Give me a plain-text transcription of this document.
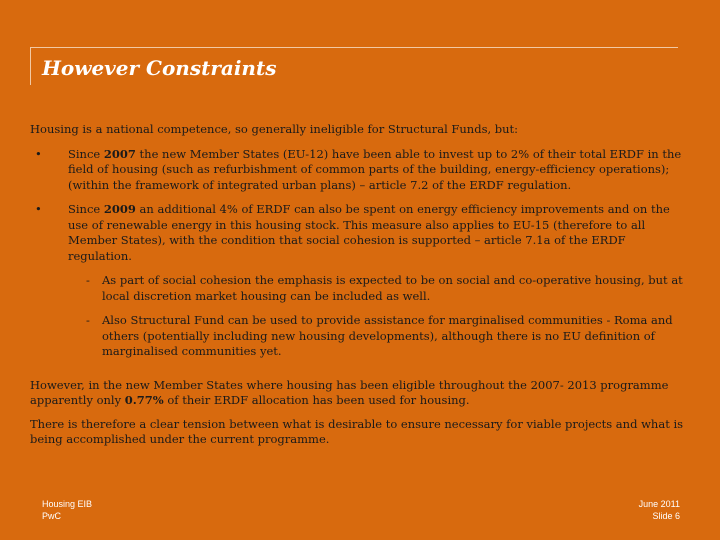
However Constraints

Housing is a national competence, so generally ineligible for Structural Funds, but:

• Since 2007 the new Member States (EU-12) have been able to invest up to 2% of their total ERDF in the field of housing (such as refurbishment of common parts of the building, energy-efficiency operations); (within the framework of integrated urban plans) – article 7.2 of the ERDF regulation.
• Since 2009 an additional 4% of ERDF can also be spent on energy efficiency improvements and on the use of renewable energy in this housing stock. This measure also applies to EU-15 (therefore to all Member States), with the condition that social cohesion is supported – article 7.1a of the ERDF regulation.
- As part of social cohesion the emphasis is expected to be on social and co-operative housing, but at local discretion market housing can be included as well.
- Also Structural Fund can be used to provide assistance for marginalised communities - Roma and others (potentially including new housing developments), although there is no EU definition of marginalised communities yet.

However, in the new Member States where housing has been eligible throughout the 2007- 2013 programme apparently only 0.77% of their ERDF allocation has been used for housing.

There is therefore a clear tension between what is desirable to ensure necessary for viable projects and what is being accomplished under the current programme.

Housing EIB
PwC
June 2011
Slide 6
